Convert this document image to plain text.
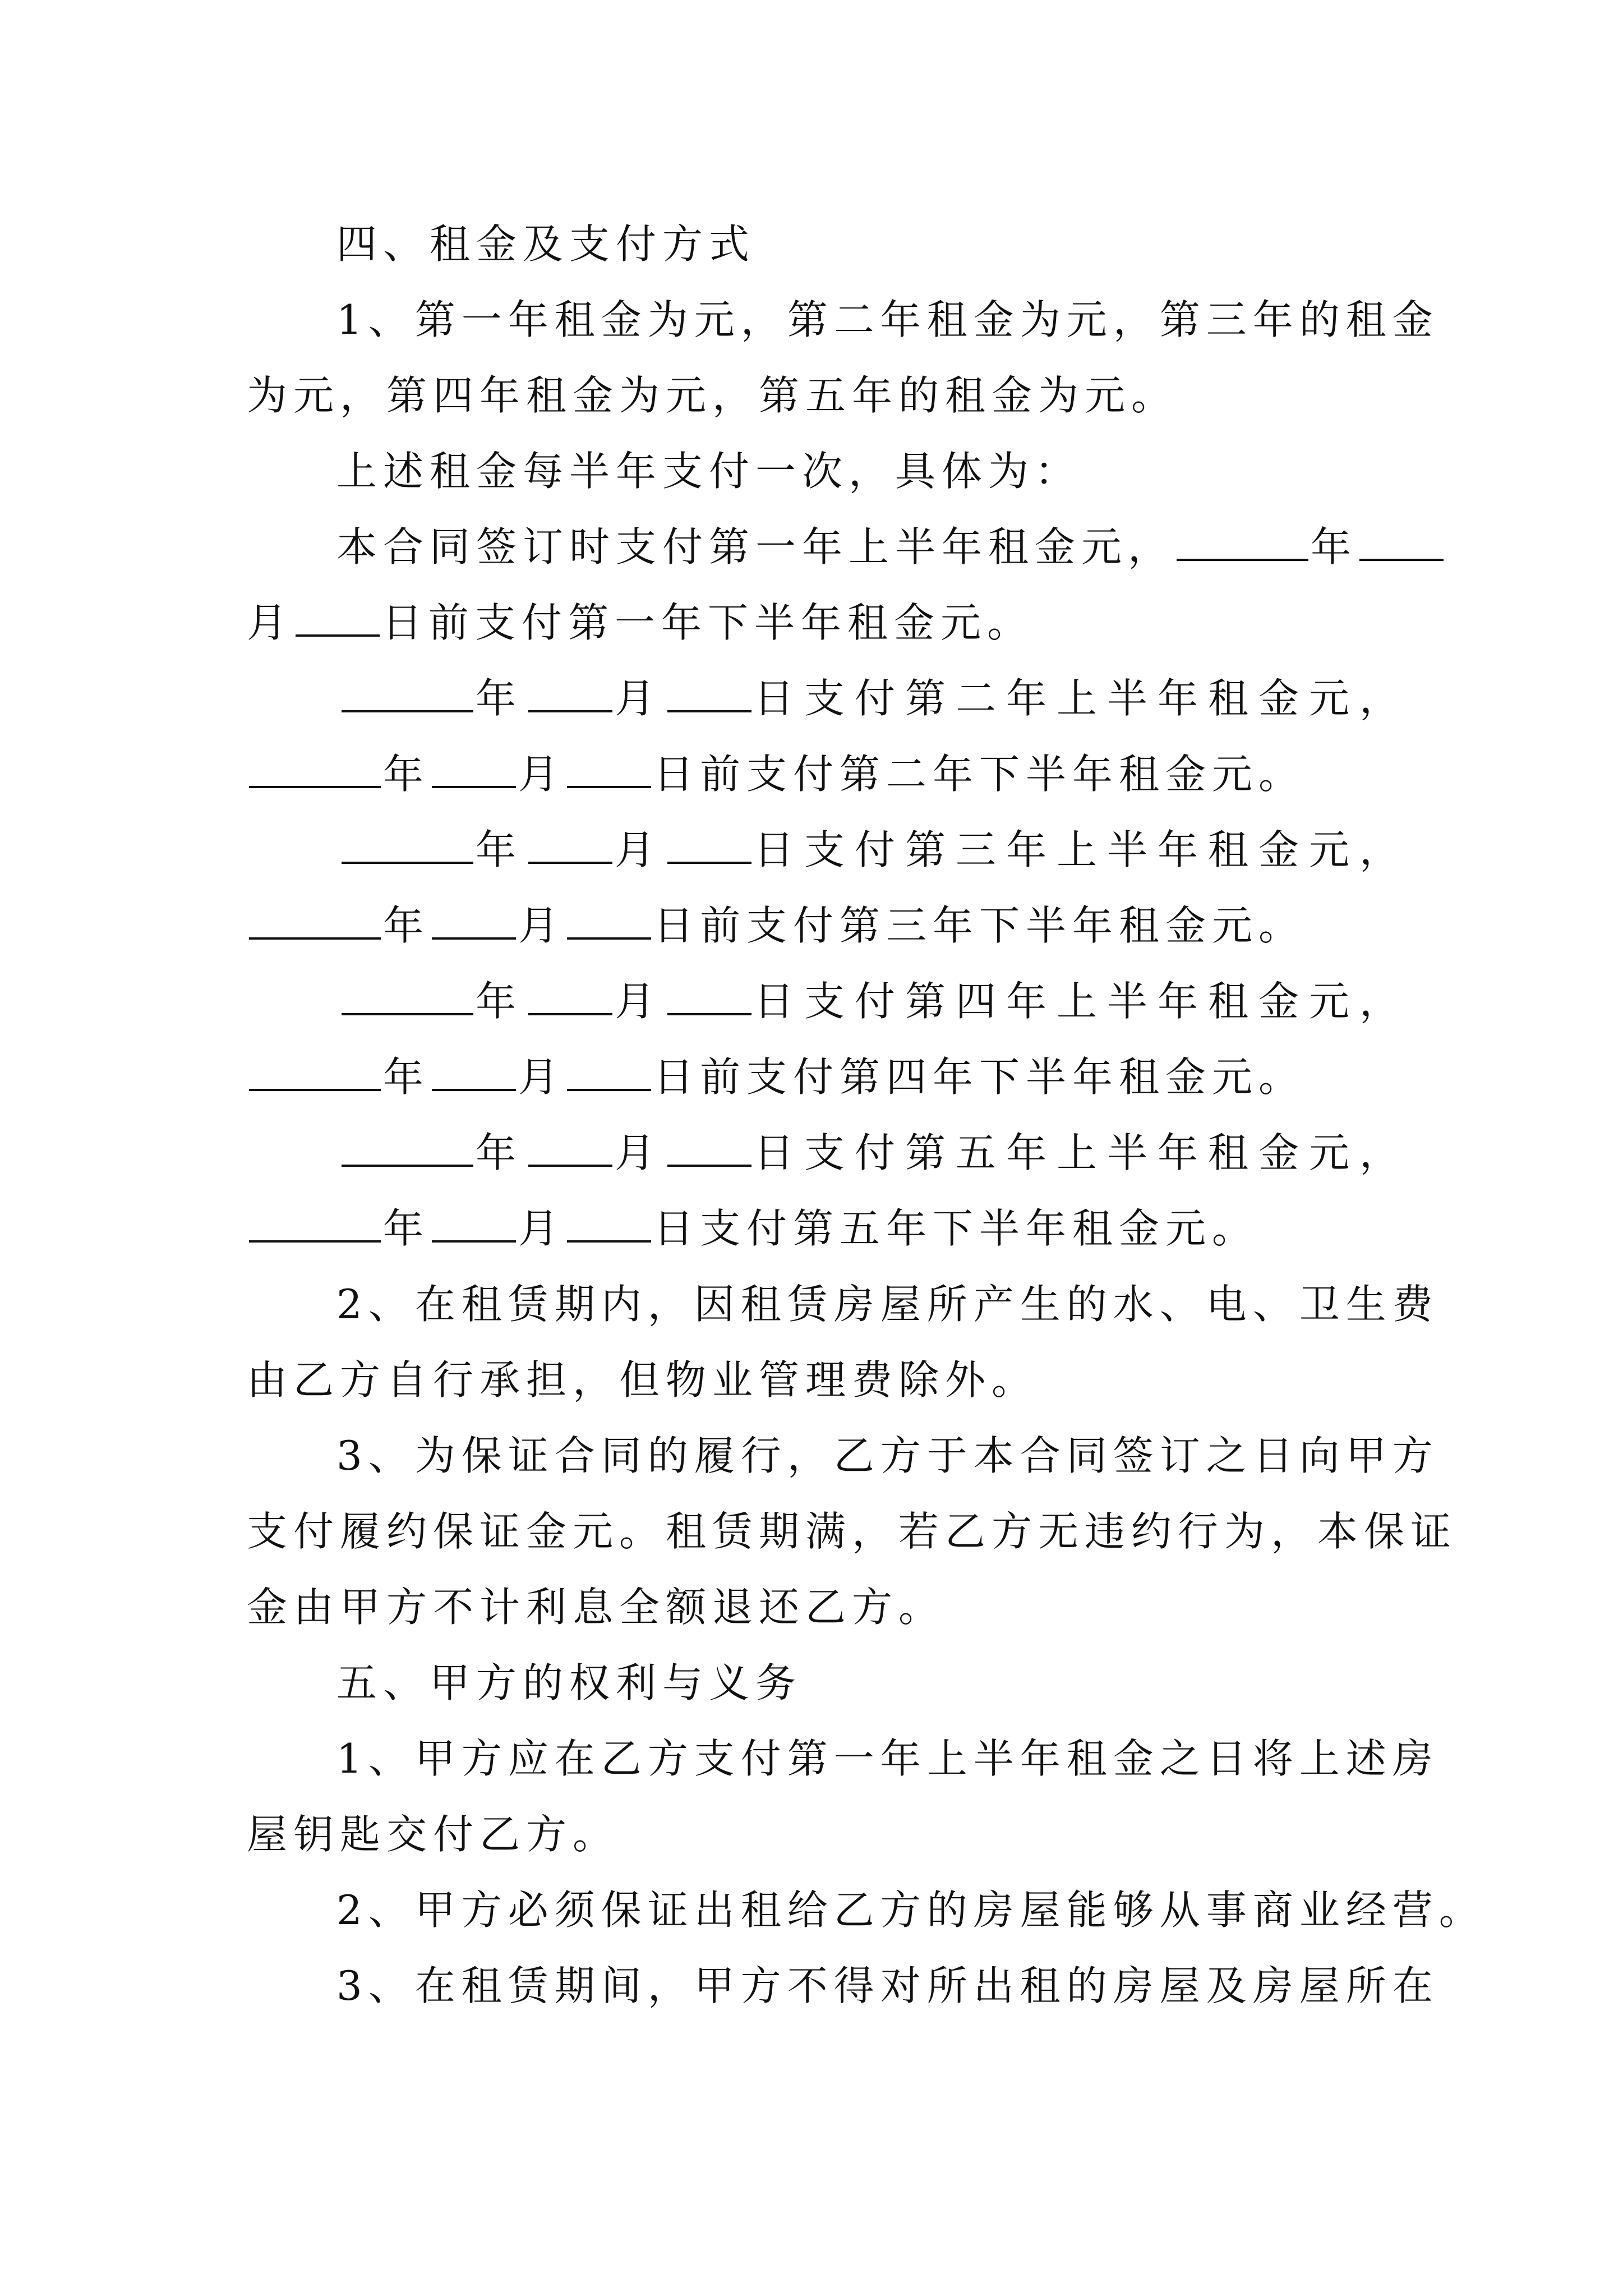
四、租金及支付方式
1、第一年租金为元，第二年租金为元，第三年的租金
为元，第四年租金为元，第五年的租金为元。
上述租金每半年支付一次，具体为：
本合同签订时支付第一年上半年租金元，	年
月 日前支付第一年下半年租金元。
年 月 日支付第二年上半年租金元，
年 月 日前支付第二年下半年租金元。
年 月 日支付第三年上半年租金元，
年 月 日前支付第三年下半年租金元。
年 月 日支付第四年上半年租金元，
年 月 日前支付第四年下半年租金元。
年 月 日支付第五年上半年租金元，
年 月 日支付第五年下半年租金元。
2、在租赁期内，因租赁房屋所产生的水、电、卫生费
由乙方自行承担，但物业管理费除外。
3、为保证合同的履行，乙方于本合同签订之日向甲方
支付履约保证金元。租赁期满，若乙方无违约行为，本保证
金由甲方不计利息全额退还乙方。
五、甲方的权利与义务
1、甲方应在乙方支付第一年上半年租金之日将上述房
屋钥匙交付乙方。
2、甲方必须保证出租给乙方的房屋能够从事商业经营。
3、在租赁期间，甲方不得对所出租的房屋及房屋所在
